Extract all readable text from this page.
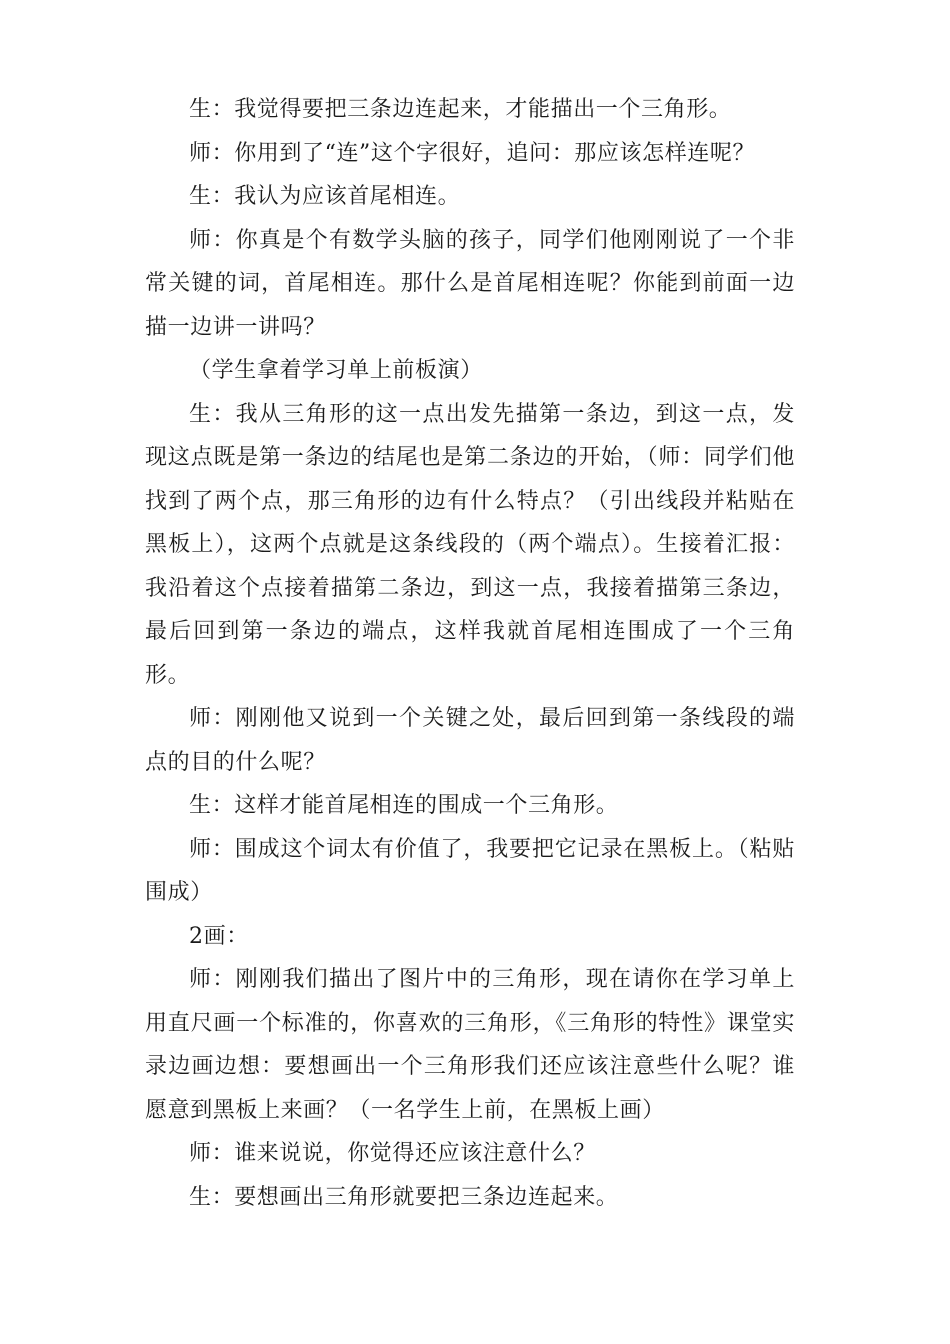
生：我觉得要把三条边连起来，才能描出一个三角形。

师：你用到了“连”这个字很好，追问：那应该怎样连呢？

生：我认为应该首尾相连。

师：你真是个有数学头脑的孩子，同学们他刚刚说了一个非常关键的词，首尾相连。那什么是首尾相连呢？你能到前面一边描一边讲一讲吗？

（学生拿着学习单上前板演）

生：我从三角形的这一点出发先描第一条边，到这一点，发现这点既是第一条边的结尾也是第二条边的开始，（师：同学们他找到了两个点，那三角形的边有什么特点？（引出线段并粘贴在黑板上），这两个点就是这条线段的（两个端点）。生接着汇报：我沿着这个点接着描第二条边，到这一点，我接着描第三条边，最后回到第一条边的端点，这样我就首尾相连围成了一个三角形。

师：刚刚他又说到一个关键之处，最后回到第一条线段的端点的目的什么呢？

生：这样才能首尾相连的围成一个三角形。

师：围成这个词太有价值了，我要把它记录在黑板上。（粘贴围成）

2画：

师：刚刚我们描出了图片中的三角形，现在请你在学习单上用直尺画一个标准的，你喜欢的三角形，《三角形的特性》课堂实录边画边想：要想画出一个三角形我们还应该注意些什么呢？谁愿意到黑板上来画？（一名学生上前，在黑板上画）

师：谁来说说，你觉得还应该注意什么？

生：要想画出三角形就要把三条边连起来。
